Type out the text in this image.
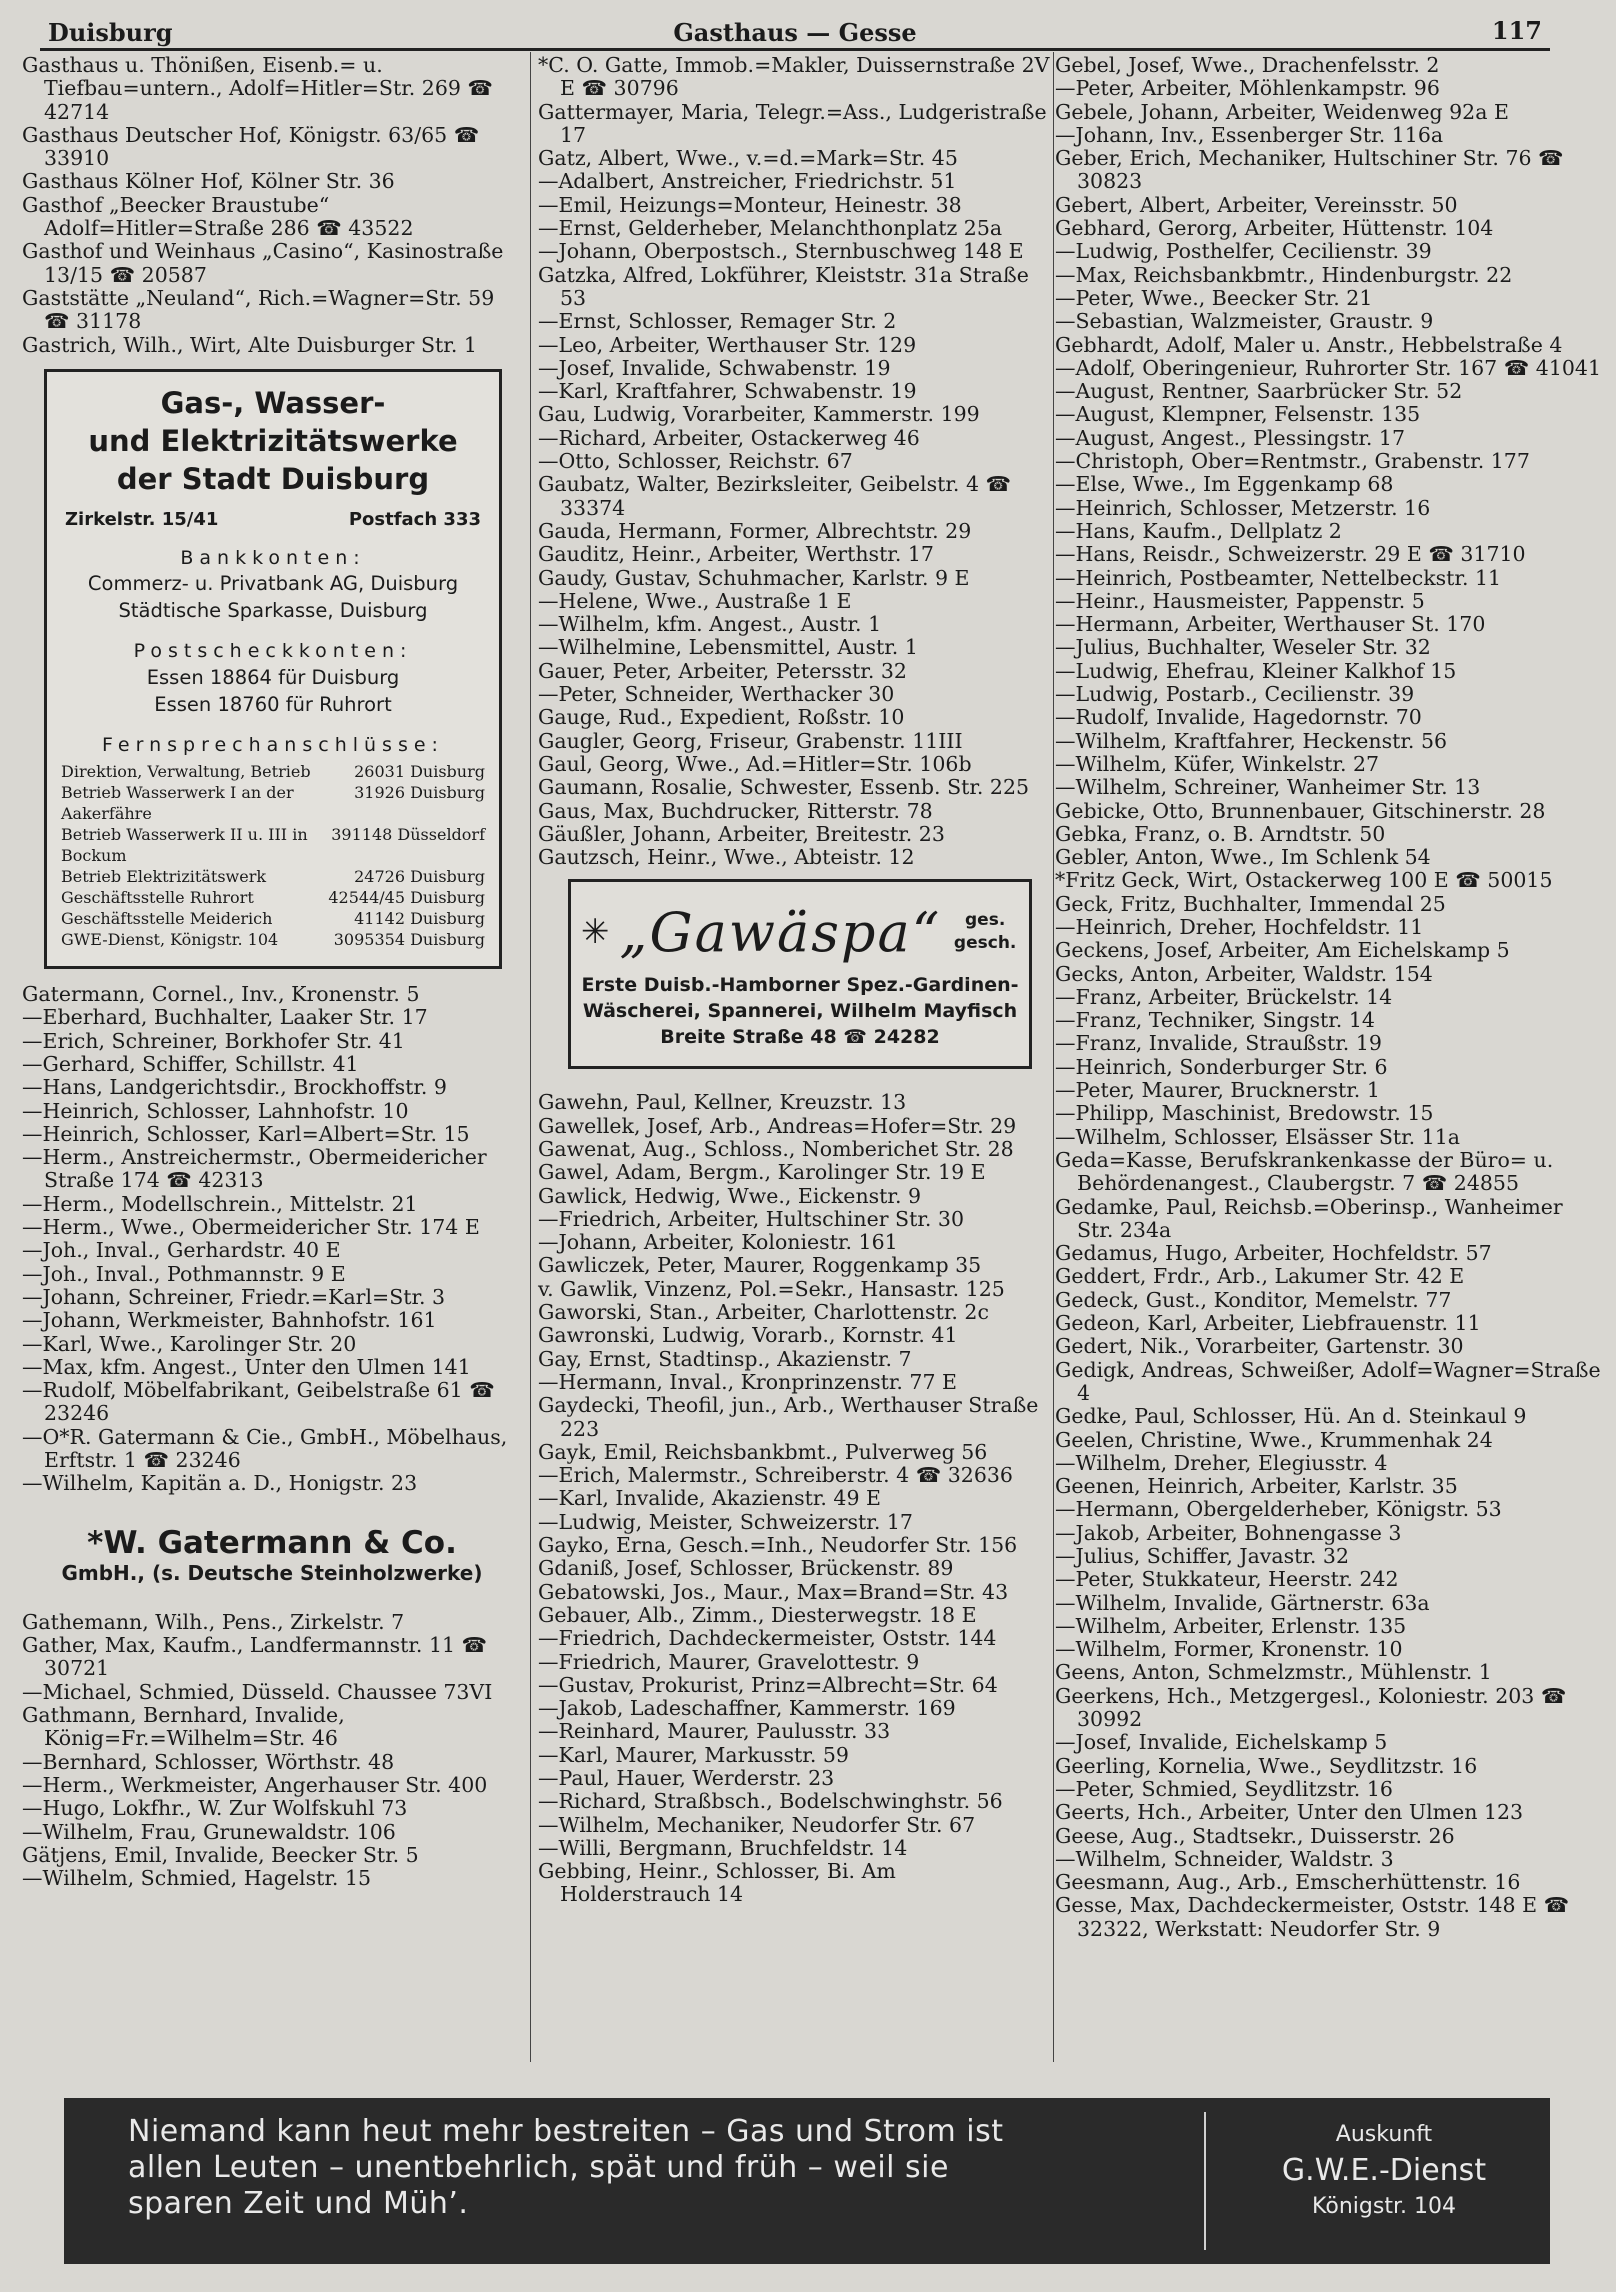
Duisburg	Gasthaus — Gesse	117
Gasthaus u. Thönißen, Eisenb.= u. Tiefbau=untern., Adolf=Hitler=Str. 269 ☎ 42714
Gasthaus Deutscher Hof, Königstr. 63/65 ☎ 33910
Gasthaus Kölner Hof, Kölner Str. 36
Gasthof „Beecker Braustube“ Adolf=Hitler=Straße 286 ☎ 43522
Gasthof und Weinhaus „Casino“, Kasinostraße 13/15 ☎ 20587
Gaststätte „Neuland“, Rich.=Wagner=Str. 59 ☎ 31178
Gastrich, Wilh., Wirt, Alte Duisburger Str. 1
Gas-, Wasser-
und Elektrizitätswerke
der Stadt Duisburg
Zirkelstr. 15/41	Postfach 333
Bankkonten:
Commerz- u. Privatbank AG, Duisburg
Städtische Sparkasse, Duisburg
Postscheckkonten:
Essen 18864 für Duisburg
Essen 18760 für Ruhrort
Fernsprechanschlüsse:
Direktion, Verwaltung, Betrieb	26031 Duisburg
Betrieb Wasserwerk I an der Aakerfähre	31926 Duisburg
Betrieb Wasserwerk II u. III in Bockum	391148 Düsseldorf
Betrieb Elektrizitätswerk	24726 Duisburg
Geschäftsstelle Ruhrort	42544/45 Duisburg
Geschäftsstelle Meiderich	41142 Duisburg
GWE-Dienst, Königstr. 104	3095354 Duisburg
Gatermann, Cornel., Inv., Kronenstr. 5
—Eberhard, Buchhalter, Laaker Str. 17
—Erich, Schreiner, Borkhofer Str. 41
—Gerhard, Schiffer, Schillstr. 41
—Hans, Landgerichtsdir., Brockhoffstr. 9
—Heinrich, Schlosser, Lahnhofstr. 10
—Heinrich, Schlosser, Karl=Albert=Str. 15
—Herm., Anstreichermstr., Obermeidericher Straße 174 ☎ 42313
—Herm., Modellschrein., Mittelstr. 21
—Herm., Wwe., Obermeidericher Str. 174 E
—Joh., Inval., Gerhardstr. 40 E
—Joh., Inval., Pothmannstr. 9 E
—Johann, Schreiner, Friedr.=Karl=Str. 3
—Johann, Werkmeister, Bahnhofstr. 161
—Karl, Wwe., Karolinger Str. 20
—Max, kfm. Angest., Unter den Ulmen 141
—Rudolf, Möbelfabrikant, Geibelstraße 61 ☎ 23246
—O*R. Gatermann & Cie., GmbH., Möbelhaus, Erftstr. 1 ☎ 23246
—Wilhelm, Kapitän a. D., Honigstr. 23
*W. Gatermann & Co.
GmbH., (s. Deutsche Steinholzwerke)
Gathemann, Wilh., Pens., Zirkelstr. 7
Gather, Max, Kaufm., Landfermannstr. 11 ☎ 30721
—Michael, Schmied, Düsseld. Chaussee 73VI
Gathmann, Bernhard, Invalide, König=Fr.=Wilhelm=Str. 46
—Bernhard, Schlosser, Wörthstr. 48
—Herm., Werkmeister, Angerhauser Str. 400
—Hugo, Lokfhr., W. Zur Wolfskuhl 73
—Wilhelm, Frau, Grunewaldstr. 106
Gätjens, Emil, Invalide, Beecker Str. 5
—Wilhelm, Schmied, Hagelstr. 15
*C. O. Gatte, Immob.=Makler, Duissernstraße 2V E ☎ 30796
Gattermayer, Maria, Telegr.=Ass., Ludgeristraße 17
Gatz, Albert, Wwe., v.=d.=Mark=Str. 45
—Adalbert, Anstreicher, Friedrichstr. 51
—Emil, Heizungs=Monteur, Heinestr. 38
—Ernst, Gelderheber, Melanchthonplatz 25a
—Johann, Oberpostsch., Sternbuschweg 148 E
Gatzka, Alfred, Lokführer, Kleiststr. 31a Straße 53
—Ernst, Schlosser, Remager Str. 2
—Leo, Arbeiter, Werthauser Str. 129
—Josef, Invalide, Schwabenstr. 19
—Karl, Kraftfahrer, Schwabenstr. 19
Gau, Ludwig, Vorarbeiter, Kammerstr. 199
—Richard, Arbeiter, Ostackerweg 46
—Otto, Schlosser, Reichstr. 67
Gaubatz, Walter, Bezirksleiter, Geibelstr. 4 ☎ 33374
Gauda, Hermann, Former, Albrechtstr. 29
Gauditz, Heinr., Arbeiter, Werthstr. 17
Gaudy, Gustav, Schuhmacher, Karlstr. 9 E
—Helene, Wwe., Austraße 1 E
—Wilhelm, kfm. Angest., Austr. 1
—Wilhelmine, Lebensmittel, Austr. 1
Gauer, Peter, Arbeiter, Petersstr. 32
—Peter, Schneider, Werthacker 30
Gauge, Rud., Expedient, Roßstr. 10
Gaugler, Georg, Friseur, Grabenstr. 11III
Gaul, Georg, Wwe., Ad.=Hitler=Str. 106b
Gaumann, Rosalie, Schwester, Essenb. Str. 225
Gaus, Max, Buchdrucker, Ritterstr. 78
Gäußler, Johann, Arbeiter, Breitestr. 23
Gautzsch, Heinr., Wwe., Abteistr. 12
✳ „Gawäspa“	ges. gesch.
Erste Duisb.-Hamborner Spez.-Gardinen-
Wäscherei, Spannerei, Wilhelm Mayfisch
Breite Straße 48 ☎ 24282
Gawehn, Paul, Kellner, Kreuzstr. 13
Gawellek, Josef, Arb., Andreas=Hofer=Str. 29
Gawenat, Aug., Schloss., Nomberichet Str. 28
Gawel, Adam, Bergm., Karolinger Str. 19 E
Gawlick, Hedwig, Wwe., Eickenstr. 9
—Friedrich, Arbeiter, Hultschiner Str. 30
—Johann, Arbeiter, Koloniestr. 161
Gawliczek, Peter, Maurer, Roggenkamp 35
v. Gawlik, Vinzenz, Pol.=Sekr., Hansastr. 125
Gaworski, Stan., Arbeiter, Charlottenstr. 2c
Gawronski, Ludwig, Vorarb., Kornstr. 41
Gay, Ernst, Stadtinsp., Akazienstr. 7
—Hermann, Inval., Kronprinzenstr. 77 E
Gaydecki, Theofil, jun., Arb., Werthauser Straße 223
Gayk, Emil, Reichsbankbmt., Pulverweg 56
—Erich, Malermstr., Schreiberstr. 4 ☎ 32636
—Karl, Invalide, Akazienstr. 49 E
—Ludwig, Meister, Schweizerstr. 17
Gayko, Erna, Gesch.=Inh., Neudorfer Str. 156
Gdaniß, Josef, Schlosser, Brückenstr. 89
Gebatowski, Jos., Maur., Max=Brand=Str. 43
Gebauer, Alb., Zimm., Diesterwegstr. 18 E
—Friedrich, Dachdeckermeister, Oststr. 144
—Friedrich, Maurer, Gravelottestr. 9
—Gustav, Prokurist, Prinz=Albrecht=Str. 64
—Jakob, Ladeschaffner, Kammerstr. 169
—Reinhard, Maurer, Paulusstr. 33
—Karl, Maurer, Markusstr. 59
—Paul, Hauer, Werderstr. 23
—Richard, Straßbsch., Bodelschwinghstr. 56
—Wilhelm, Mechaniker, Neudorfer Str. 67
—Willi, Bergmann, Bruchfeldstr. 14
Gebbing, Heinr., Schlosser, Bi. Am Holderstrauch 14
Gebel, Josef, Wwe., Drachenfelsstr. 2
—Peter, Arbeiter, Möhlenkampstr. 96
Gebele, Johann, Arbeiter, Weidenweg 92a E
—Johann, Inv., Essenberger Str. 116a
Geber, Erich, Mechaniker, Hultschiner Str. 76 ☎ 30823
Gebert, Albert, Arbeiter, Vereinsstr. 50
Gebhard, Gerorg, Arbeiter, Hüttenstr. 104
—Ludwig, Posthelfer, Cecilienstr. 39
—Max, Reichsbankbmtr., Hindenburgstr. 22
—Peter, Wwe., Beecker Str. 21
—Sebastian, Walzmeister, Graustr. 9
Gebhardt, Adolf, Maler u. Anstr., Hebbelstraße 4
—Adolf, Oberingenieur, Ruhrorter Str. 167 ☎ 41041
—August, Rentner, Saarbrücker Str. 52
—August, Klempner, Felsenstr. 135
—August, Angest., Plessingstr. 17
—Christoph, Ober=Rentmstr., Grabenstr. 177
—Else, Wwe., Im Eggenkamp 68
—Heinrich, Schlosser, Metzerstr. 16
—Hans, Kaufm., Dellplatz 2
—Hans, Reisdr., Schweizerstr. 29 E ☎ 31710
—Heinrich, Postbeamter, Nettelbeckstr. 11
—Heinr., Hausmeister, Pappenstr. 5
—Hermann, Arbeiter, Werthauser St. 170
—Julius, Buchhalter, Weseler Str. 32
—Ludwig, Ehefrau, Kleiner Kalkhof 15
—Ludwig, Postarb., Cecilienstr. 39
—Rudolf, Invalide, Hagedornstr. 70
—Wilhelm, Kraftfahrer, Heckenstr. 56
—Wilhelm, Küfer, Winkelstr. 27
—Wilhelm, Schreiner, Wanheimer Str. 13
Gebicke, Otto, Brunnenbauer, Gitschinerstr. 28
Gebka, Franz, o. B. Arndtstr. 50
Gebler, Anton, Wwe., Im Schlenk 54
*Fritz Geck, Wirt, Ostackerweg 100 E ☎ 50015
Geck, Fritz, Buchhalter, Immendal 25
—Heinrich, Dreher, Hochfeldstr. 11
Geckens, Josef, Arbeiter, Am Eichelskamp 5
Gecks, Anton, Arbeiter, Waldstr. 154
—Franz, Arbeiter, Brückelstr. 14
—Franz, Techniker, Singstr. 14
—Franz, Invalide, Straußstr. 19
—Heinrich, Sonderburger Str. 6
—Peter, Maurer, Brucknerstr. 1
—Philipp, Maschinist, Bredowstr. 15
—Wilhelm, Schlosser, Elsässer Str. 11a
Geda=Kasse, Berufskrankenkasse der Büro= u. Behördenangest., Claubergstr. 7 ☎ 24855
Gedamke, Paul, Reichsb.=Oberinsp., Wanheimer Str. 234a
Gedamus, Hugo, Arbeiter, Hochfeldstr. 57
Geddert, Frdr., Arb., Lakumer Str. 42 E
Gedeck, Gust., Konditor, Memelstr. 77
Gedeon, Karl, Arbeiter, Liebfrauenstr. 11
Gedert, Nik., Vorarbeiter, Gartenstr. 30
Gedigk, Andreas, Schweißer, Adolf=Wagner=Straße 4
Gedke, Paul, Schlosser, Hü. An d. Steinkaul 9
Geelen, Christine, Wwe., Krummenhak 24
—Wilhelm, Dreher, Elegiusstr. 4
Geenen, Heinrich, Arbeiter, Karlstr. 35
—Hermann, Obergelderheber, Königstr. 53
—Jakob, Arbeiter, Bohnengasse 3
—Julius, Schiffer, Javastr. 32
—Peter, Stukkateur, Heerstr. 242
—Wilhelm, Invalide, Gärtnerstr. 63a
—Wilhelm, Arbeiter, Erlenstr. 135
—Wilhelm, Former, Kronenstr. 10
Geens, Anton, Schmelzmstr., Mühlenstr. 1
Geerkens, Hch., Metzgergesl., Koloniestr. 203 ☎ 30992
—Josef, Invalide, Eichelskamp 5
Geerling, Kornelia, Wwe., Seydlitzstr. 16
—Peter, Schmied, Seydlitzstr. 16
Geerts, Hch., Arbeiter, Unter den Ulmen 123
Geese, Aug., Stadtsekr., Duisserstr. 26
—Wilhelm, Schneider, Waldstr. 3
Geesmann, Aug., Arb., Emscherhüttenstr. 16
Gesse, Max, Dachdeckermeister, Oststr. 148 E ☎ 32322, Werkstatt: Neudorfer Str. 9
Niemand kann heut mehr bestreiten – Gas und Strom ist
allen Leuten – unentbehrlich, spät und früh – weil sie
sparen Zeit und Müh’.
Auskunft
G.W.E.-Dienst
Königstr. 104
